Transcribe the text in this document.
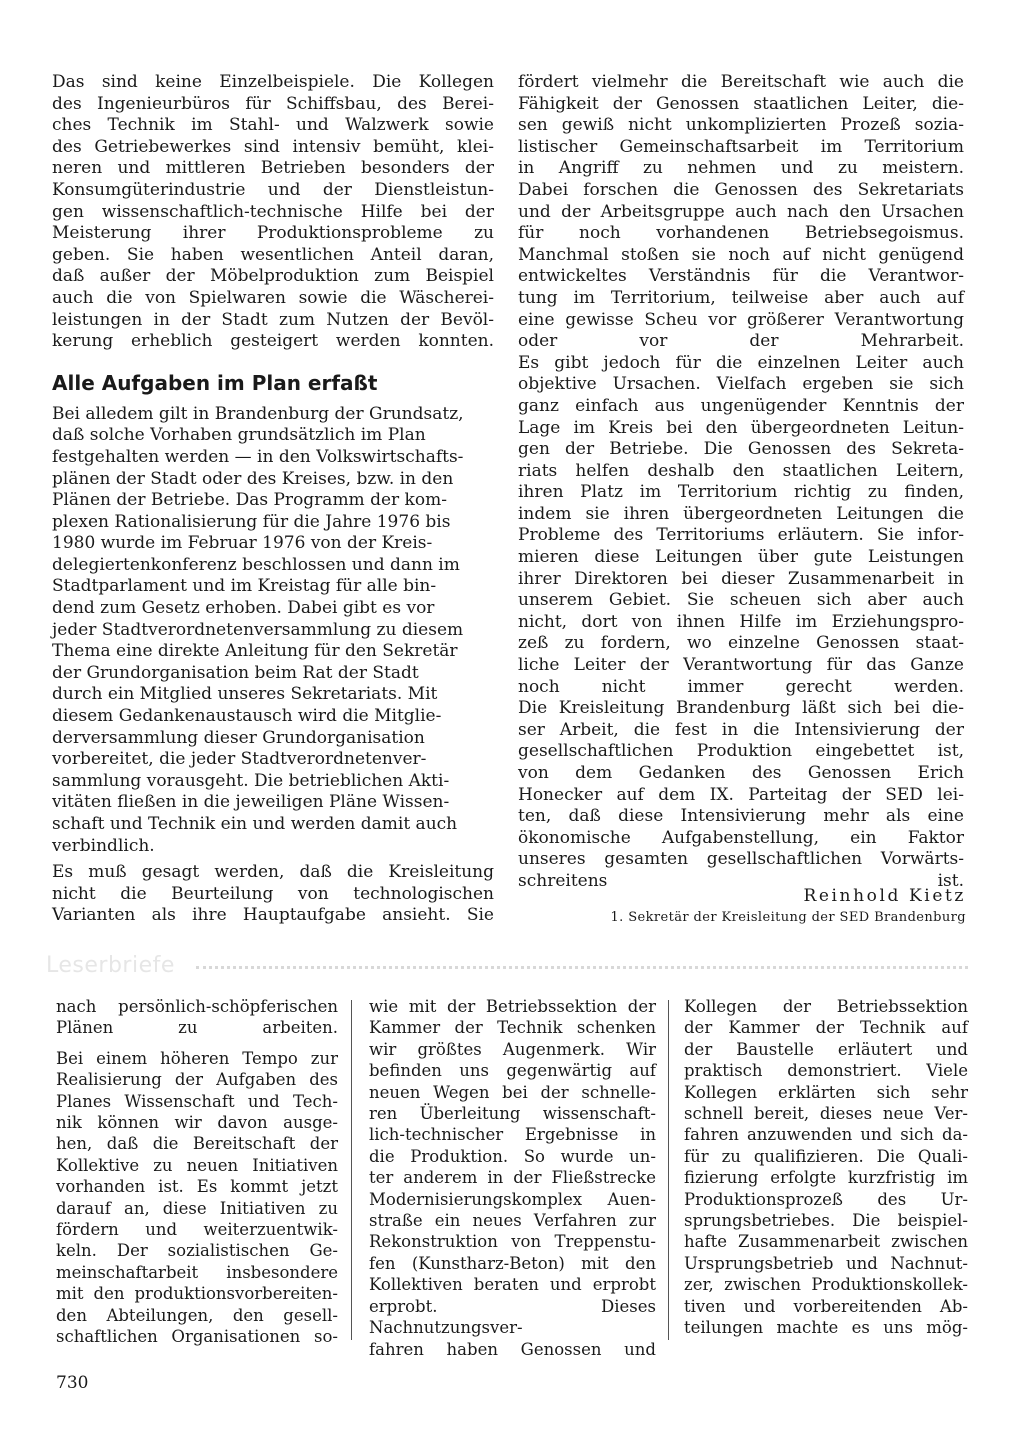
Das sind keine Einzelbeispiele. Die Kollegen
des Ingenieurbüros für Schiffsbau, des Berei-
ches Technik im Stahl- und Walzwerk sowie
des Getriebewerkes sind intensiv bemüht, klei-
neren und mittleren Betrieben besonders der
Konsumgüterindustrie und der Dienstleistun-
gen wissenschaftlich-technische Hilfe bei der
Meisterung ihrer Produktionsprobleme zu
geben. Sie haben wesentlichen Anteil daran,
daß außer der Möbelproduktion zum Beispiel
auch die von Spielwaren sowie die Wäscherei-
leistungen in der Stadt zum Nutzen der Bevöl-
kerung erheblich gesteigert werden konnten.

Alle Aufgaben im Plan erfaßt

Bei alledem gilt in Brandenburg der Grundsatz,
daß solche Vorhaben grundsätzlich im Plan
festgehalten werden — in den Volkswirtschafts-
plänen der Stadt oder des Kreises, bzw. in den
Plänen der Betriebe. Das Programm der kom-
plexen Rationalisierung für die Jahre 1976 bis
1980 wurde im Februar 1976 von der Kreis-
delegiertenkonferenz beschlossen und dann im
Stadtparlament und im Kreistag für alle bin-
dend zum Gesetz erhoben. Dabei gibt es vor
jeder Stadtverordnetenversammlung zu diesem
Thema eine direkte Anleitung für den Sekretär
der Grundorganisation beim Rat der Stadt
durch ein Mitglied unseres Sekretariats. Mit
diesem Gedankenaustausch wird die Mitglie-
derversammlung dieser Grundorganisation
vorbereitet, die jeder Stadtverordnetenver-
sammlung vorausgeht. Die betrieblichen Akti-
vitäten fließen in die jeweiligen Pläne Wissen-
schaft und Technik ein und werden damit auch
verbindlich.

Es muß gesagt werden, daß die Kreisleitung
nicht die Beurteilung von technologischen
Varianten als ihre Hauptaufgabe ansieht. Sie

fördert vielmehr die Bereitschaft wie auch die
Fähigkeit der Genossen staatlichen Leiter, die-
sen gewiß nicht unkomplizierten Prozeß sozia-
listischer Gemeinschaftsarbeit im Territorium
in Angriff zu nehmen und zu meistern.

Dabei forschen die Genossen des Sekretariats
und der Arbeitsgruppe auch nach den Ursachen
für noch vorhandenen Betriebsegoismus.
Manchmal stoßen sie noch auf nicht genügend
entwickeltes Verständnis für die Verantwor-
tung im Territorium, teilweise aber auch auf
eine gewisse Scheu vor größerer Verantwortung
oder vor der Mehrarbeit.

Es gibt jedoch für die einzelnen Leiter auch
objektive Ursachen. Vielfach ergeben sie sich
ganz einfach aus ungenügender Kenntnis der
Lage im Kreis bei den übergeordneten Leitun-
gen der Betriebe. Die Genossen des Sekreta-
riats helfen deshalb den staatlichen Leitern,
ihren Platz im Territorium richtig zu finden,
indem sie ihren übergeordneten Leitungen die
Probleme des Territoriums erläutern. Sie infor-
mieren diese Leitungen über gute Leistungen
ihrer Direktoren bei dieser Zusammenarbeit in
unserem Gebiet. Sie scheuen sich aber auch
nicht, dort von ihnen Hilfe im Erziehungspro-
zeß zu fordern, wo einzelne Genossen staat-
liche Leiter der Verantwortung für das Ganze
noch nicht immer gerecht werden.

Die Kreisleitung Brandenburg läßt sich bei die-
ser Arbeit, die fest in die Intensivierung der
gesellschaftlichen Produktion eingebettet ist,
von dem Gedanken des Genossen Erich
Honecker auf dem IX. Parteitag der SED lei-
ten, daß diese Intensivierung mehr als eine
ökonomische Aufgabenstellung, ein Faktor
unseres gesamten gesellschaftlichen Vorwärts-
schreitens ist.

Reinhold Kietz
1. Sekretär der Kreisleitung der SED Brandenburg
Leserbriefe

nach persönlich-schöpferischen
Plänen zu arbeiten.

Bei einem höheren Tempo zur
Realisierung der Aufgaben des
Planes Wissenschaft und Tech-
nik können wir davon ausge-
hen, daß die Bereitschaft der
Kollektive zu neuen Initiativen
vorhanden ist. Es kommt jetzt
darauf an, diese Initiativen zu
fördern und weiterzuentwik-
keln. Der sozialistischen Ge-
meinschaftarbeit insbesondere
mit den produktionsvorbereiten-
den Abteilungen, den gesell-
schaftlichen Organisationen so-

wie mit der Betriebssektion der
Kammer der Technik schenken
wir größtes Augenmerk. Wir
befinden uns gegenwärtig auf
neuen Wegen bei der schnelle-
ren Überleitung wissenschaft-
lich-technischer Ergebnisse in
die Produktion. So wurde un-
ter anderem in der Fließstrecke
Modernisierungskomplex Auen-
straße ein neues Verfahren zur
Rekonstruktion von Treppenstu-
fen (Kunstharz-Beton) mit den
Kollektiven beraten und erprobt
erprobt. Dieses Nachnutzungsver-
fahren haben Genossen und

Kollegen der Betriebssektion
der Kammer der Technik auf
der Baustelle erläutert und
praktisch demonstriert. Viele
Kollegen erklärten sich sehr
schnell bereit, dieses neue Ver-
fahren anzuwenden und sich da-
für zu qualifizieren. Die Quali-
fizierung erfolgte kurzfristig im
Produktionsprozeß des Ur-
sprungsbetriebes. Die beispiel-
hafte Zusammenarbeit zwischen
Ursprungsbetrieb und Nachnut-
zer, zwischen Produktionskollek-
tiven und vorbereitenden Ab-
teilungen machte es uns mög-

730
